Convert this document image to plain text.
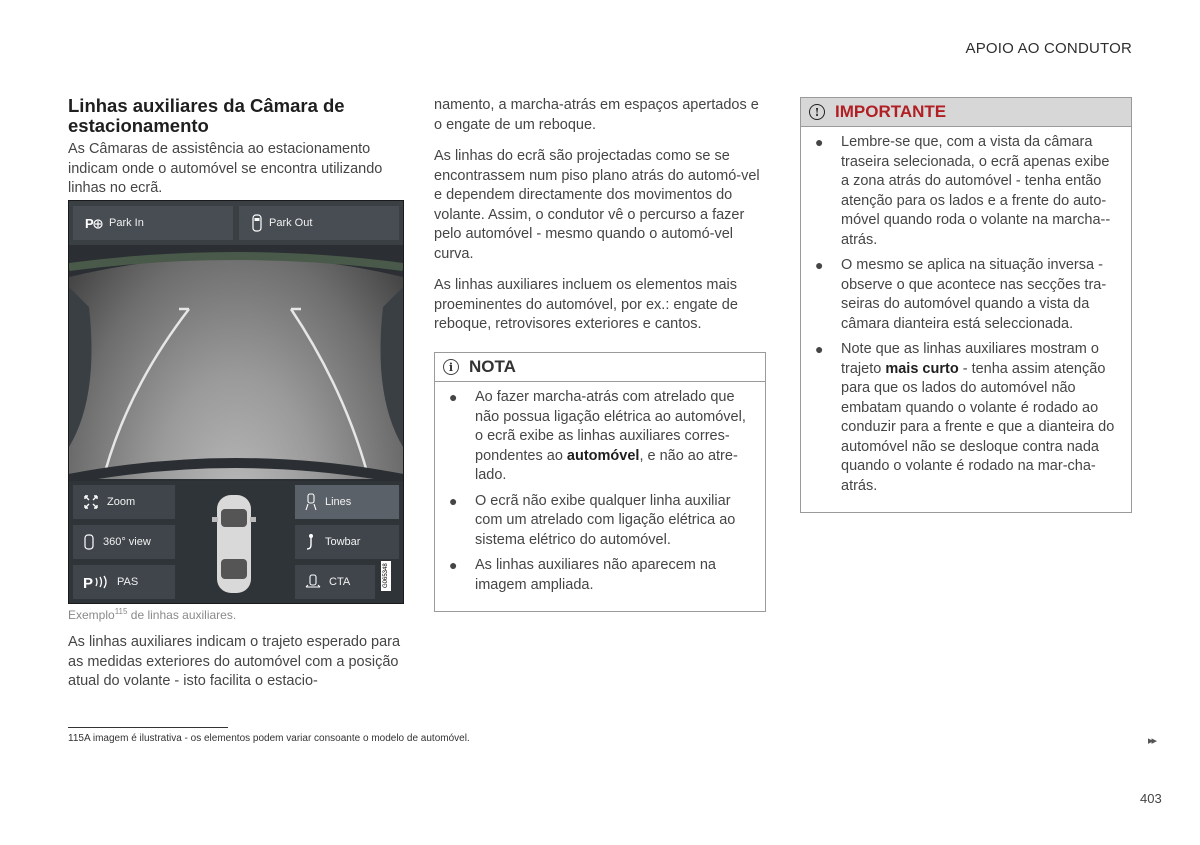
APOIO AO CONDUTOR
Linhas auxiliares da Câmara de estacionamento

As Câmaras de assistência ao estacionamento indicam onde o automóvel se encontra utilizando linhas no ecrã.

P Park In	Park Out
Zoom
360° view
P PAS
Lines
Towbar
CTA	G065348
Exemplo$^{115}$ de linhas auxiliares.

As linhas auxiliares indicam o trajeto esperado para as medidas exteriores do automóvel com a posição atual do volante - isto facilita o estacio-

namento, a marcha-atrás em espaços apertados e o engate de um reboque.

As linhas do ecrã são projectadas como se se encontrassem num piso plano atrás do automó-vel e dependem directamente dos movimentos do volante. Assim, o condutor vê o percurso a fazer pelo automóvel - mesmo quando o automó-vel curva.

As linhas auxiliares incluem os elementos mais proeminentes do automóvel, por ex.: engate de reboque, retrovisores exteriores e cantos.

i NOTA
● Ao fazer marcha-atrás com atrelado que não possua ligação elétrica ao automóvel, o ecrã exibe as linhas auxiliares corres-pondentes ao automóvel, e não ao atre-lado.
● O ecrã não exibe qualquer linha auxiliar com um atrelado com ligação elétrica ao sistema elétrico do automóvel.
● As linhas auxiliares não aparecem na imagem ampliada.
! IMPORTANTE
● Lembre-se que, com a vista da câmara traseira selecionada, o ecrã apenas exibe a zona atrás do automóvel - tenha então atenção para os lados e a frente do auto-móvel quando roda o volante na marcha--atrás.
● O mesmo se aplica na situação inversa - observe o que acontece nas secções tra-seiras do automóvel quando a vista da câmara dianteira está seleccionada.
● Note que as linhas auxiliares mostram o trajeto mais curto - tenha assim atenção para que os lados do automóvel não embatam quando o volante é rodado ao conduzir para a frente e que a dianteira do automóvel não se desloque contra nada quando o volante é rodado na mar-cha-atrás.
115A imagem é ilustrativa - os elementos podem variar consoante o modelo de automóvel.	▸▸
403
